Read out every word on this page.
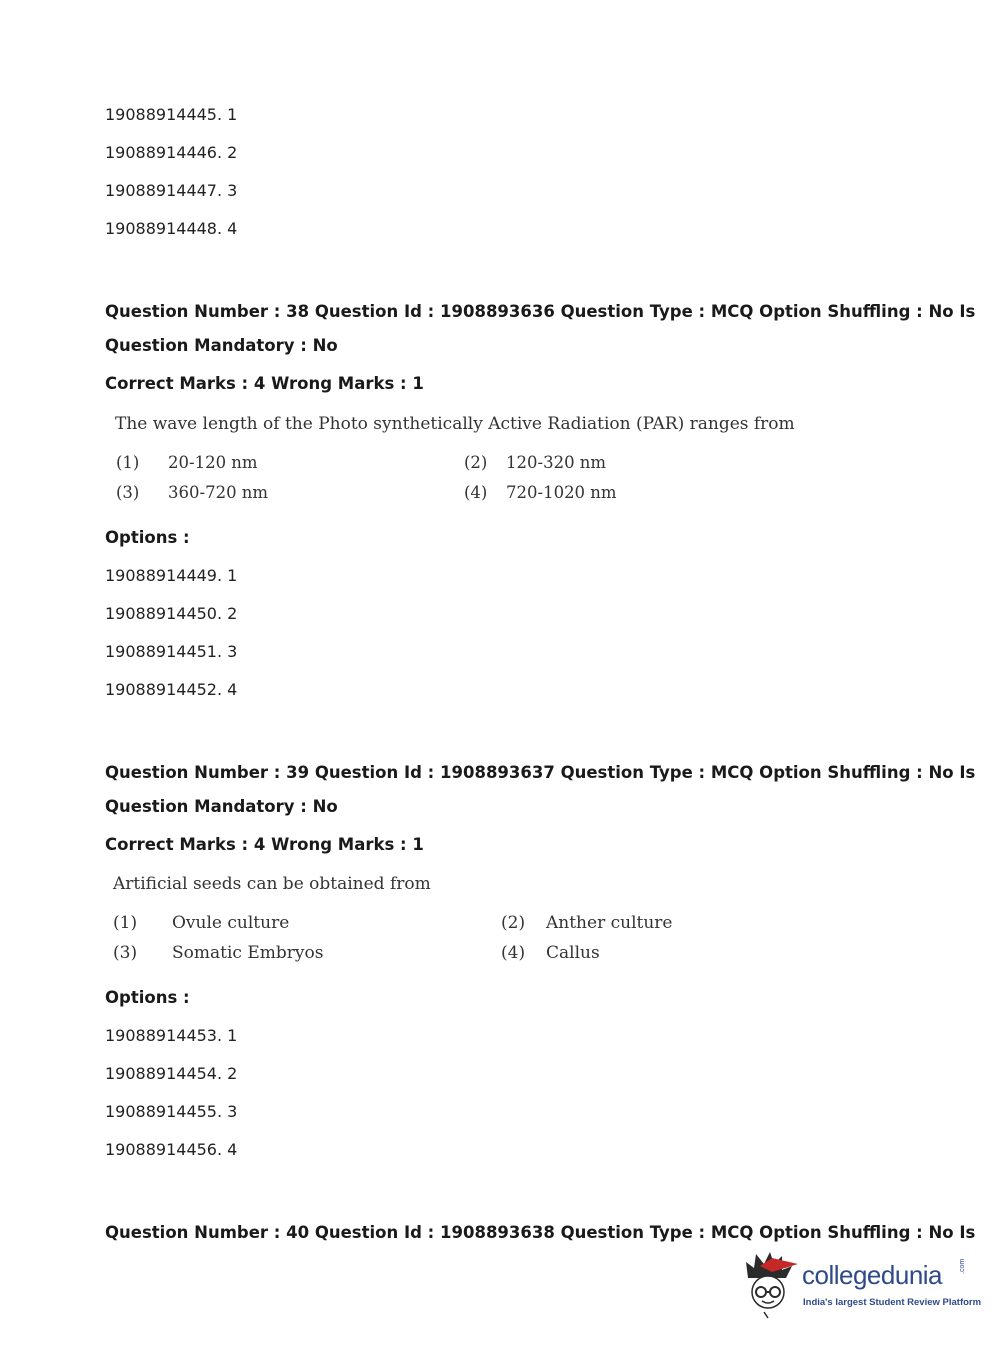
19088914445. 1
19088914446. 2
19088914447. 3
19088914448. 4
Question Number : 38 Question Id : 1908893636 Question Type : MCQ Option Shuffling : No Is
Question Mandatory : No
Correct Marks : 4 Wrong Marks : 1
The wave length of the Photo synthetically Active Radiation (PAR) ranges from
(1) 20-120 nm	(2) 120-320 nm
(3) 360-720 nm	(4) 720-1020 nm
Options :
19088914449. 1
19088914450. 2
19088914451. 3
19088914452. 4
Question Number : 39 Question Id : 1908893637 Question Type : MCQ Option Shuffling : No Is
Question Mandatory : No
Correct Marks : 4 Wrong Marks : 1
Artificial seeds can be obtained from
(1) Ovule culture	(2) Anther culture
(3) Somatic Embryos	(4) Callus
Options :
19088914453. 1
19088914454. 2
19088914455. 3
19088914456. 4
Question Number : 40 Question Id : 1908893638 Question Type : MCQ Option Shuffling : No Is
collegedunia .com
India's largest Student Review Platform
